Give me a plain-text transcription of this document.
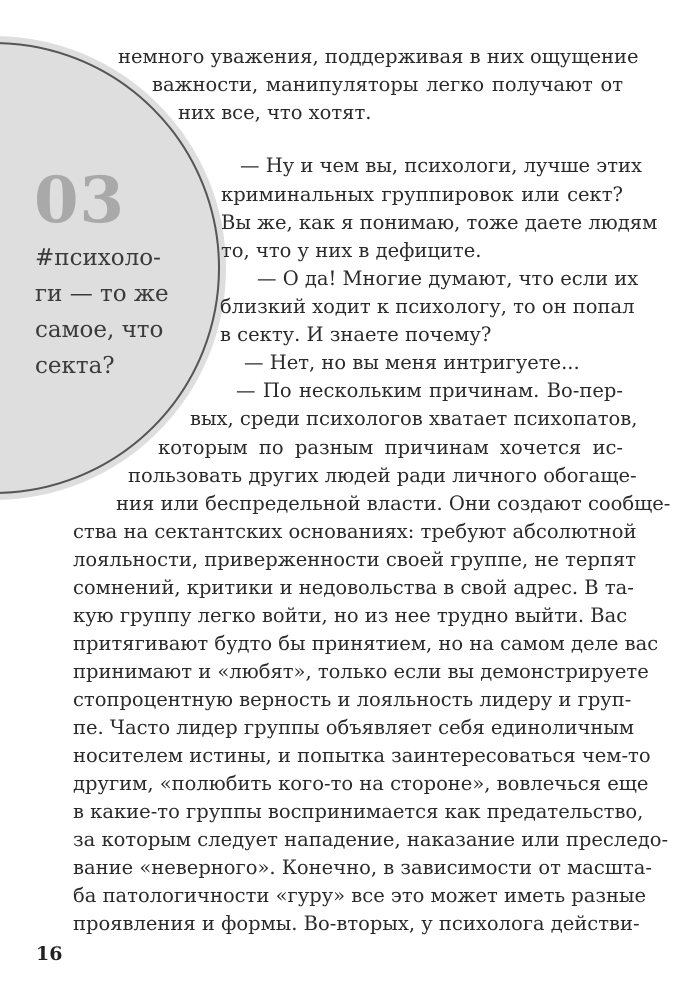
03
#психоло-
ги — то же
самое, что
секта?
немного уважения, поддерживая в них ощущение
важности, манипуляторы легко получают от
них все, что хотят.
— Ну и чем вы, психологи, лучше этих
криминальных группировок или сект?
Вы же, как я понимаю, тоже даете людям
то, что у них в дефиците.
— О да! Многие думают, что если их
близкий ходит к психологу, то он попал
в секту. И знаете почему?
— Нет, но вы меня интригуете...
— По нескольким причинам. Во-пер-
вых, среди психологов хватает психопатов,
которым по разным причинам хочется ис-
пользовать других людей ради личного обогаще-
ния или беспредельной власти. Они создают сообще-
ства на сектантских основаниях: требуют абсолютной
лояльности, приверженности своей группе, не терпят
сомнений, критики и недовольства в свой адрес. В та-
кую группу легко войти, но из нее трудно выйти. Вас
притягивают будто бы принятием, но на самом деле вас
принимают и «любят», только если вы демонстрируете
стопроцентную верность и лояльность лидеру и груп-
пе. Часто лидер группы объявляет себя единоличным
носителем истины, и попытка заинтересоваться чем-то
другим, «полюбить кого-то на стороне», вовлечься еще
в какие-то группы воспринимается как предательство,
за которым следует нападение, наказание или преследо-
вание «неверного». Конечно, в зависимости от масшта-
ба патологичности «гуру» все это может иметь разные
проявления и формы. Во-вторых, у психолога действи-
16
